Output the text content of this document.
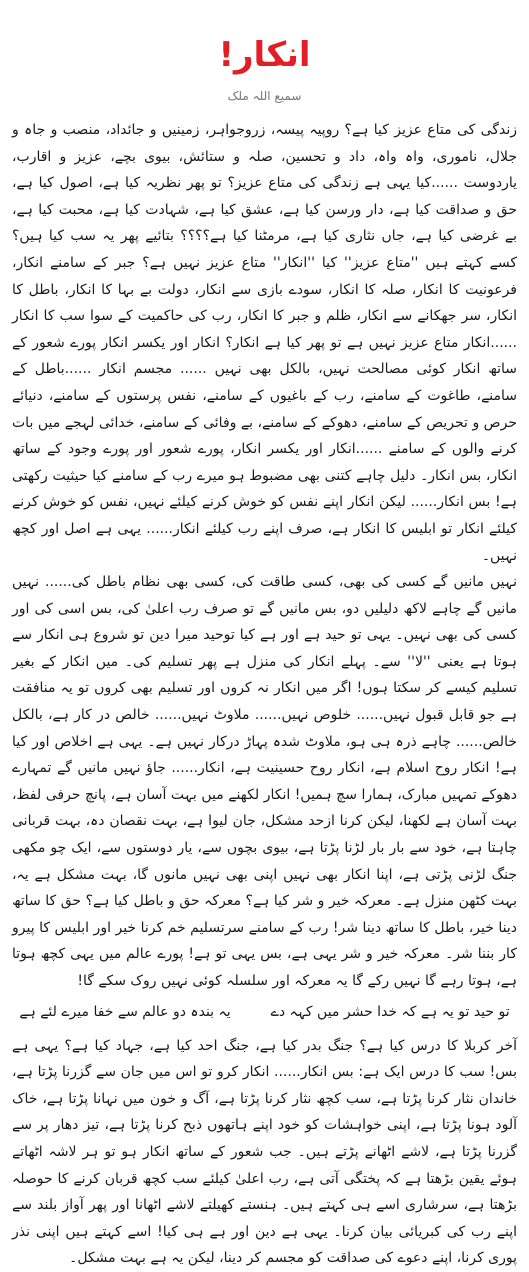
انکار!
سمیع اللہ ملک

زندگی کی متاع عزیز کیا ہے؟ روپیہ پیسہ، زروجواہر، زمینیں و جائداد، منصب و جاہ و جلال، ناموری، واہ واہ، داد و تحسین، صلہ و ستائش، بیوی بچے، عزیز و اقارب، یاردوست ......کیا یہی ہے زندگی کی متاع عزیز؟ تو پھر نظریہ کیا ہے، اصول کیا ہے، حق و صداقت کیا ہے، دار ورسن کیا ہے، عشق کیا ہے، شہادت کیا ہے، محبت کیا ہے، بے غرضی کیا ہے، جاں نثاری کیا ہے، مرمٹنا کیا ہے؟؟؟؟ بتائیے پھر یہ سب کیا ہیں؟ کسے کہتے ہیں ''متاع عزیز'' کیا ''انکار'' متاع عزیز نہیں ہے؟ جبر کے سامنے انکار، فرعونیت کا انکار، صلہ کا انکار، سودے بازی سے انکار، دولت بے بہا کا انکار، باطل کا انکار، سر جھکانے سے انکار، ظلم و جبر کا انکار، رب کی حاکمیت کے سوا سب کا انکار ......انکار متاع عزیز نہیں ہے تو پھر کیا ہے انکار؟ انکار اور یکسر انکار پورے شعور کے ساتھ انکار کوئی مصالحت نہیں، بالکل بھی نہیں ...... مجسم انکار ......باطل کے سامنے، طاغوت کے سامنے، رب کے باغیوں کے سامنے، نفس پرستوں کے سامنے، دنیائے حرص و تحریص کے سامنے، دھوکے کے سامنے، بے وفائی کے سامنے، خدائی لہجے میں بات کرنے والوں کے سامنے ......انکار اور یکسر انکار، پورے شعور اور پورے وجود کے ساتھ انکار، بس انکار۔ دلیل چاہے کتنی بھی مضبوط ہو میرے رب کے سامنے کیا حیثیت رکھتی ہے! بس انکار...... لیکن انکار اپنے نفس کو خوش کرنے کیلئے نہیں، نفس کو خوش کرنے کیلئے انکار تو ابلیس کا انکار ہے، صرف اپنے رب کیلئے انکار...... یہی ہے اصل اور کچھ نہیں۔

نہیں مانیں گے کسی کی بھی، کسی طاقت کی، کسی بھی نظام باطل کی...... نہیں مانیں گے چاہے لاکھ دلیلیں دو، بس مانیں گے تو صرف رب اعلیٰ کی، بس اسی کی اور کسی کی بھی نہیں۔ یہی تو حید ہے اور ہے کیا توحید میرا دین تو شروع ہی انکار سے ہوتا ہے یعنی ''لا'' سے۔ پہلے انکار کی منزل ہے پھر تسلیم کی۔ میں انکار کے بغیر تسلیم کیسے کر سکتا ہوں! اگر میں انکار نہ کروں اور تسلیم بھی کروں تو یہ منافقت ہے جو قابل قبول نہیں...... خلوص نہیں...... ملاوٹ نہیں...... خالص در کار ہے، بالکل خالص...... چاہے ذرہ ہی ہو، ملاوٹ شدہ پہاڑ درکار نہیں ہے۔ یہی ہے اخلاص اور کیا ہے! انکار روح اسلام ہے، انکار روح حسینیت ہے، انکار...... جاؤ نہیں مانیں گے تمہارے دھوکے تمہیں مبارک، ہمارا سچ ہمیں! انکار لکھنے میں بہت آسان ہے، پانچ حرفی لفظ، بہت آسان ہے لکھنا، لیکن کرنا ازحد مشکل، جان لیوا ہے، بہت نقصان دہ، بہت قربانی چاہتا ہے، خود سے بار بار لڑنا پڑتا ہے، بیوی بچوں سے، یار دوستوں سے، ایک چو مکھی جنگ لڑنی پڑتی ہے، اپنا انکار بھی نہیں اپنی بھی نہیں مانوں گا، بہت مشکل ہے یہ، بہت کٹھن منزل ہے۔ معرکہ خیر و شر کیا ہے؟ معرکہ حق و باطل کیا ہے؟ حق کا ساتھ دینا خیر، باطل کا ساتھ دینا شر! رب کے سامنے سرتسلیم خم کرنا خیر اور ابلیس کا پیرو کار بننا شر۔ معرکہ خیر و شر یہی ہے، بس یہی تو ہے! پورے عالم میں یہی کچھ ہوتا ہے، ہوتا رہے گا نہیں رکے گا یہ معرکہ اور سلسلہ کوئی نہیں روک سکے گا!

تو حید تو یہ ہے کہ خدا حشر میں کہہ دے
یہ بندہ دو عالم سے خفا میرے لئے ہے

آخر کربلا کا درس کیا ہے؟ جنگ بدر کیا ہے، جنگ احد کیا ہے، جہاد کیا ہے؟ یہی ہے بس! سب کا درس ایک ہے: بس انکار...... انکار کرو تو اس میں جان سے گزرنا پڑتا ہے، خاندان نثار کرنا پڑتا ہے، سب کچھ نثار کرنا پڑتا ہے، آگ و خون میں نہانا پڑتا ہے، خاک آلود ہونا پڑتا ہے، اپنی خواہشات کو خود اپنے ہاتھوں ذبح کرنا پڑتا ہے، تیز دھار پر سے گزرنا پڑتا ہے، لاشے اٹھانے پڑتے ہیں۔ جب شعور کے ساتھ انکار ہو تو ہر لاشہ اٹھاتے ہوئے یقین بڑھتا ہے کہ پختگی آتی ہے، رب اعلیٰ کیلئے سب کچھ قربان کرنے کا حوصلہ بڑھتا ہے، سرشاری اسے ہی کہتے ہیں۔ ہنستے کھیلتے لاشے اٹھانا اور پھر آواز بلند سے اپنے رب کی کبریائی بیان کرنا۔ یہی ہے دین اور ہے ہی کیا! اسے کہتے ہیں اپنی نذر پوری کرنا، اپنے دعوے کی صداقت کو مجسم کر دینا، لیکن یہ ہے بہت مشکل۔
